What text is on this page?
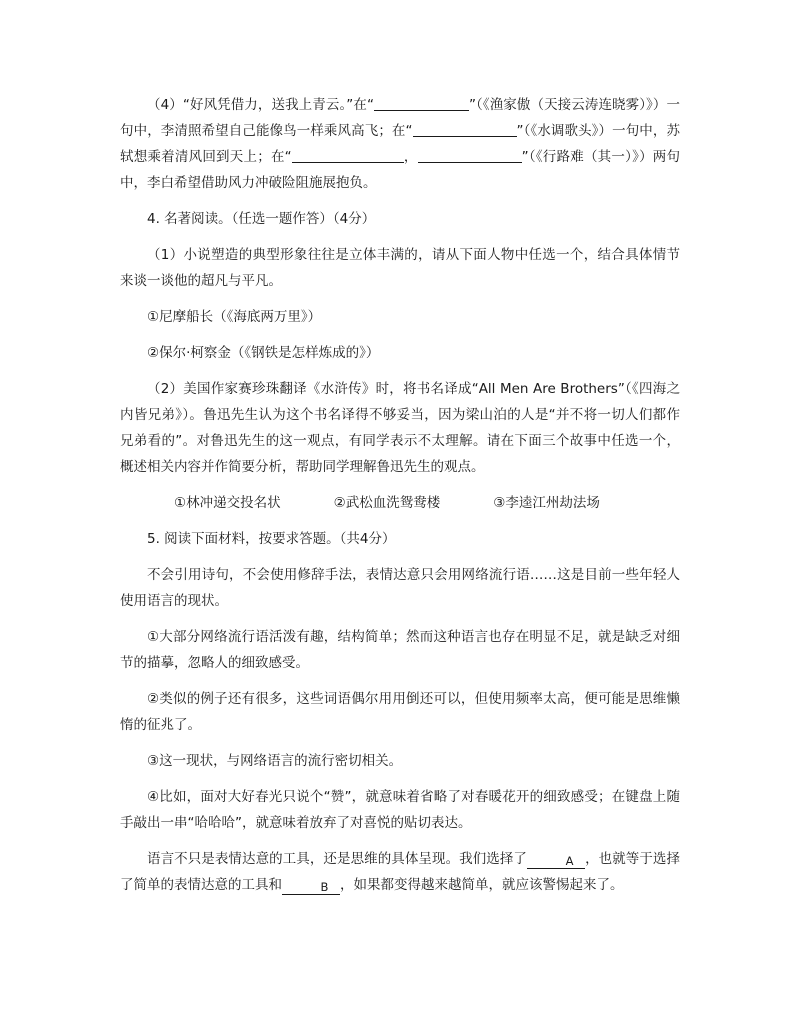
（4）“好风凭借力，送我上青云。”在“	”（《渔家傲（天接云涛连晓雾）》）一句中，李清照希望自己能像鸟一样乘风高飞；在“	”（《水调歌头》）一句中，苏轼想乘着清风回到天上；在“	，	”（《行路难（其一）》）两句中，李白希望借助风力冲破险阻施展抱负。

4. 名著阅读。（任选一题作答）（4分）

（1）小说塑造的典型形象往往是立体丰满的，请从下面人物中任选一个，结合具体情节来谈一谈他的超凡与平凡。

①尼摩船长（《海底两万里》）

②保尔·柯察金（《钢铁是怎样炼成的》）

（2）美国作家赛珍珠翻译《水浒传》时，将书名译成“All Men Are Brothers”（《四海之内皆兄弟》）。鲁迅先生认为这个书名译得不够妥当，因为梁山泊的人是“并不将一切人们都作兄弟看的”。对鲁迅先生的这一观点，有同学表示不太理解。请在下面三个故事中任选一个，概述相关内容并作简要分析，帮助同学理解鲁迅先生的观点。

①林冲递交投名状	②武松血洗鸳鸯楼	③李逵江州劫法场

5. 阅读下面材料，按要求答题。（共4分）

不会引用诗句，不会使用修辞手法，表情达意只会用网络流行语……这是目前一些年轻人使用语言的现状。

①大部分网络流行语活泼有趣，结构简单；然而这种语言也存在明显不足，就是缺乏对细节的描摹，忽略人的细致感受。

②类似的例子还有很多，这些词语偶尔用用倒还可以，但使用频率太高，便可能是思维懒惰的征兆了。

③这一现状，与网络语言的流行密切相关。

④比如，面对大好春光只说个“赞”，就意味着省略了对春暖花开的细致感受；在键盘上随手敲出一串“哈哈哈”，就意味着放弃了对喜悦的贴切表达。

语言不只是表情达意的工具，还是思维的具体呈现。我们选择了	A ，也就等于选择了简单的表情达意的工具和	B ，如果都变得越来越简单，就应该警惕起来了。
